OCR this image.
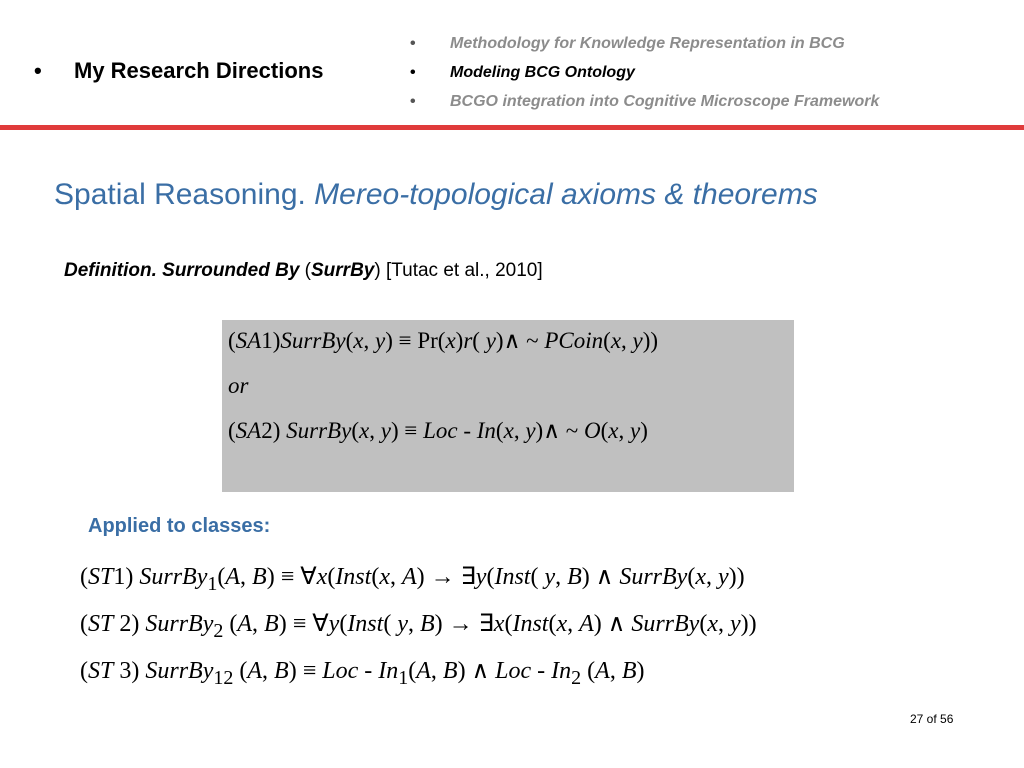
• My Research Directions
• Methodology for Knowledge Representation in BCG
• Modeling BCG Ontology
• BCGO integration into Cognitive Microscope Framework
Spatial Reasoning. Mereo-topological axioms & theorems
Definition. Surrounded By (SurrBy) [Tutac et al., 2010]
(SA1)SurrBy(x, y) ≡ Pr(x)r( y)∧ ~ PCoin(x, y))
or
(SA2) SurrBy(x, y) ≡ Loc - In(x, y)∧ ~ O(x, y)
Applied to classes:
(ST1) SurrBy$_1$(A, B) ≡ ∀x(Inst(x, A) → ∃y(Inst( y, B) ∧ SurrBy(x, y))
(ST 2) SurrBy$_2$ (A, B) ≡ ∀y(Inst( y, B) → ∃x(Inst(x, A) ∧ SurrBy(x, y))
(ST 3) SurrBy$_{12}$ (A, B) ≡ Loc - $In_1(A$, B) ∧ Loc - $In_2$ (A, B)
27 of 56
